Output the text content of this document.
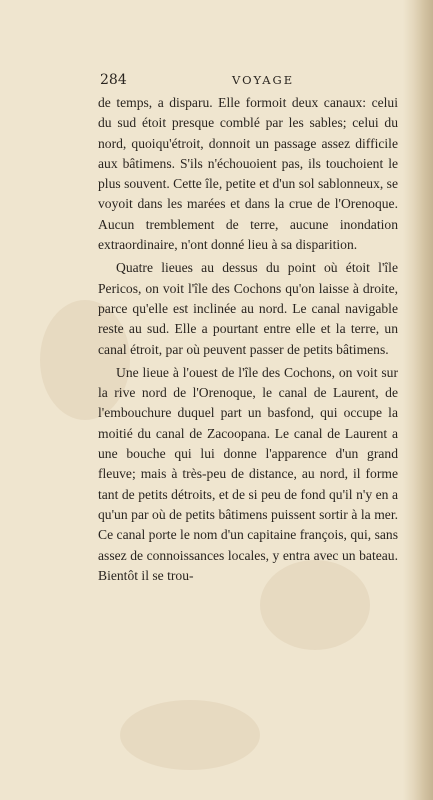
284	VOYAGE

de temps, a disparu. Elle formoit deux canaux: celui du sud étoit presque comblé par les sables; celui du nord, quoiqu'étroit, donnoit un passage assez difficile aux bâtimens. S'ils n'échouoient pas, ils touchoient le plus souvent. Cette île, petite et d'un sol sablonneux, se voyoit dans les marées et dans la crue de l'Orenoque. Aucun tremblement de terre, aucune inondation extraordinaire, n'ont donné lieu à sa disparition.

Quatre lieues au dessus du point où étoit l'île Pericos, on voit l'île des Cochons qu'on laisse à droite, parce qu'elle est inclinée au nord. Le canal navigable reste au sud. Elle a pourtant entre elle et la terre, un canal étroit, par où peuvent passer de petits bâtimens.

Une lieue à l'ouest de l'île des Cochons, on voit sur la rive nord de l'Orenoque, le canal de Laurent, de l'embouchure duquel part un basfond, qui occupe la moitié du canal de Zacoopana. Le canal de Laurent a une bouche qui lui donne l'apparence d'un grand fleuve; mais à très-peu de distance, au nord, il forme tant de petits détroits, et de si peu de fond qu'il n'y en a qu'un par où de petits bâtimens puissent sortir à la mer. Ce canal porte le nom d'un capitaine françois, qui, sans assez de connoissances locales, y entra avec un bateau. Bientôt il se trou-
